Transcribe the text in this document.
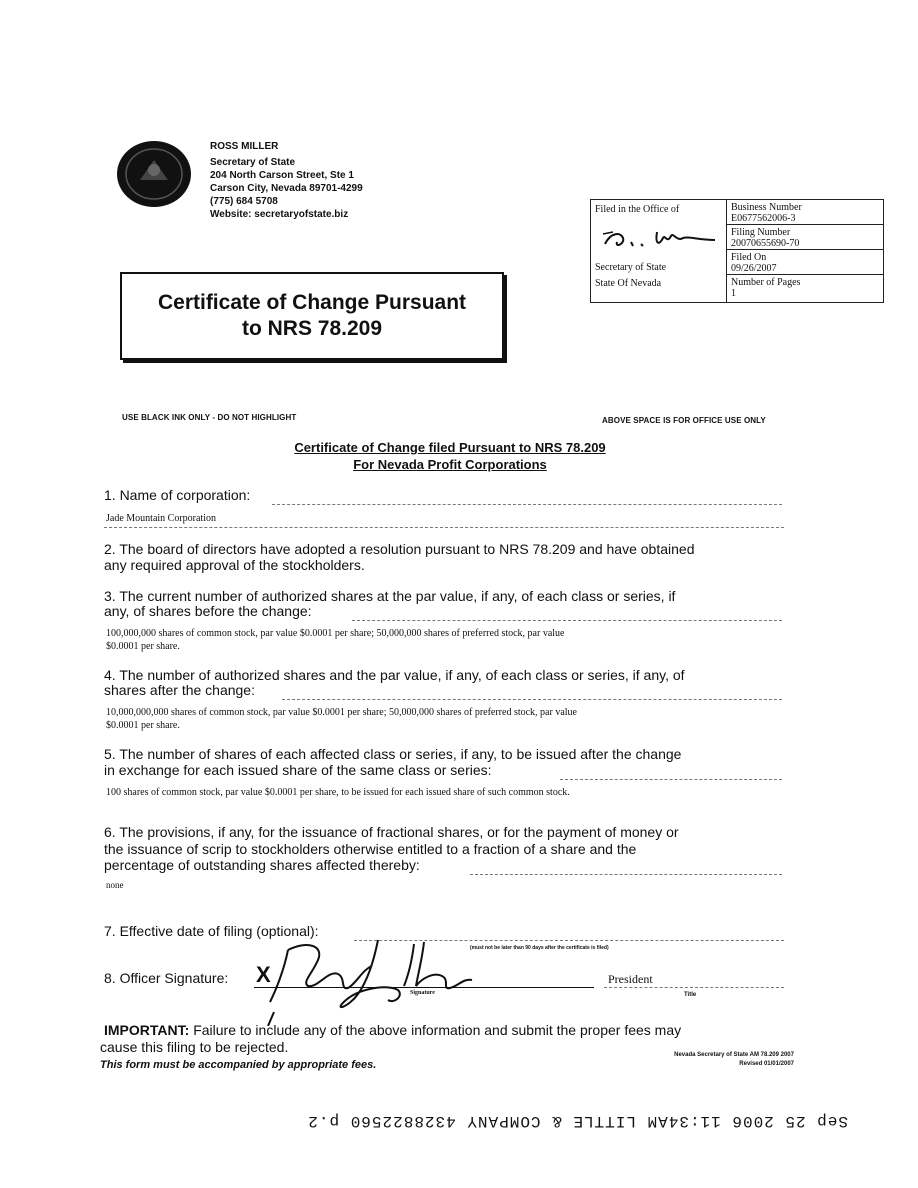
ROSS MILLER
Secretary of State
204 North Carson Street, Ste 1
Carson City, Nevada 89701-4299
(775) 684 5708
Website: secretaryofstate.biz	Filed in the Office of
Secretary of State
State Of Nevada
Business Number
E0677562006-3
Filing Number
20070655690-70
Filed On
09/26/2007
Number of Pages
1
Certificate of Change Pursuant
to NRS 78.209
USE BLACK INK ONLY - DO NOT HIGHLIGHT	ABOVE SPACE IS FOR OFFICE USE ONLY
Certificate of Change filed Pursuant to NRS 78.209
For Nevada Profit Corporations
1. Name of corporation:
Jade Mountain Corporation
2. The board of directors have adopted a resolution pursuant to NRS 78.209 and have obtained
any required approval of the stockholders.
3. The current number of authorized shares at the par value, if any, of each class or series, if
any, of shares before the change:
100,000,000 shares of common stock, par value $0.0001 per share; 50,000,000 shares of preferred stock, par value
$0.0001 per share.
4. The number of authorized shares and the par value, if any, of each class or series, if any, of
shares after the change:
10,000,000,000 shares of common stock, par value $0.0001 per share; 50,000,000 shares of preferred stock, par value
$0.0001 per share.
5. The number of shares of each affected class or series, if any, to be issued after the change
in exchange for each issued share of the same class or series:
100 shares of common stock, par value $0.0001 per share, to be issued for each issued share of such common stock.
6. The provisions, if any, for the issuance of fractional shares, or for the payment of money or
the issuance of scrip to stockholders otherwise entitled to a fraction of a share and the
percentage of outstanding shares affected thereby:
none
7. Effective date of filing (optional):
(must not be later than 90 days after the certificate is filed)
8. Officer Signature: X
Signature
President
Title
IMPORTANT: Failure to include any of the above information and submit the proper fees may
cause this filing to be rejected.
This form must be accompanied by appropriate fees.
Nevada Secretary of State AM 78.209 2007
Revised 01/01/2007
Sep 25 2006 11:34AM LITTLE & COMPANY 4328822560 p.2
